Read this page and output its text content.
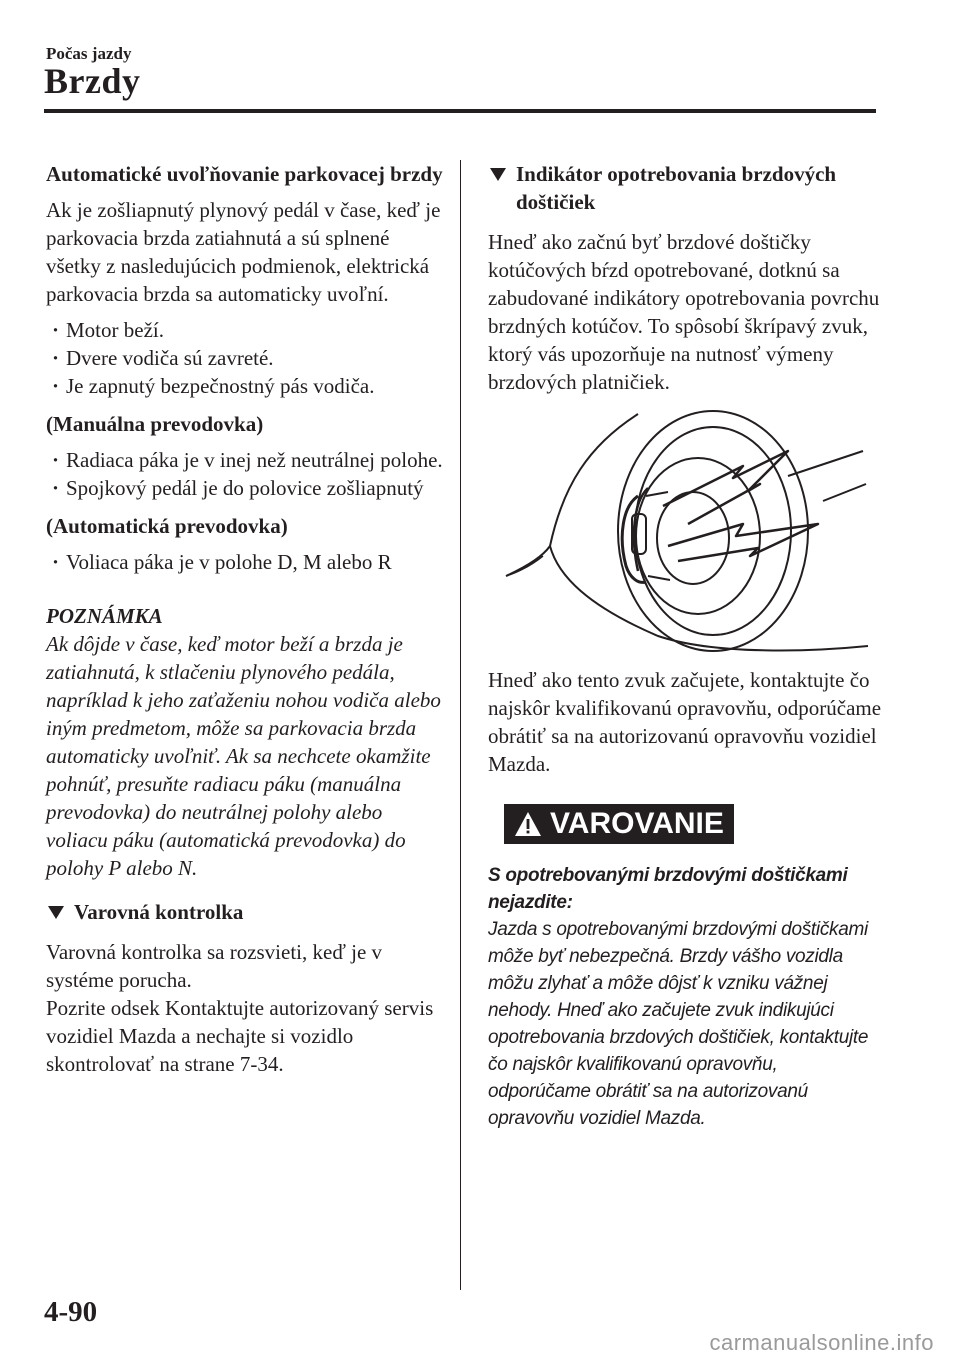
Počas jazdy
Brzdy
Automatické uvoľňovanie parkovacej brzdy
Ak je zošliapnutý plynový pedál v čase, keď je parkovacia brzda zatiahnutá a sú splnené všetky z nasledujúcich podmienok, elektrická parkovacia brzda sa automaticky uvoľní.
· Motor beží.
· Dvere vodiča sú zavreté.
· Je zapnutý bezpečnostný pás vodiča.
(Manuálna prevodovka)
· Radiaca páka je v inej než neutrálnej polohe.
· Spojkový pedál je do polovice zošliapnutý
(Automatická prevodovka)
· Voliaca páka je v polohe D, M alebo R
POZNÁMKA
Ak dôjde v čase, keď motor beží a brzda je zatiahnutá, k stlačeniu plynového pedála, napríklad k jeho zaťaženiu nohou vodiča alebo iným predmetom, môže sa parkovacia brzda automaticky uvoľniť. Ak sa nechcete okamžite pohnúť, presuňte radiacu páku (manuálna prevodovka) do neutrálnej polohy alebo voliacu páku (automatická prevodovka) do polohy P alebo N.
Varovná kontrolka
Varovná kontrolka sa rozsvieti, keď je v systéme porucha.
Pozrite odsek Kontaktujte autorizovaný servis vozidiel Mazda a nechajte si vozidlo skontrolovať na strane 7-34.
Indikátor opotrebovania brzdových doštičiek
Hneď ako začnú byť brzdové doštičky kotúčových bŕzd opotrebované, dotknú sa zabudované indikátory opotrebovania povrchu brzdných kotúčov. To spôsobí škrípavý zvuk, ktorý vás upozorňuje na nutnosť výmeny brzdových platničiek.
Hneď ako tento zvuk začujete, kontaktujte čo najskôr kvalifikovanú opravovňu, odporúčame obrátiť sa na autorizovanú opravovňu vozidiel Mazda.
VAROVANIE
S opotrebovanými brzdovými doštičkami nejazdite:
Jazda s opotrebovanými brzdovými doštičkami môže byť nebezpečná. Brzdy vášho vozidla môžu zlyhať a môže dôjsť k vzniku vážnej nehody. Hneď ako začujete zvuk indikujúci opotrebovania brzdových doštičiek, kontaktujte čo najskôr kvalifikovanú opravovňu, odporúčame obrátiť sa na autorizovanú opravovňu vozidiel Mazda.
4-90
carmanualsonline.info
